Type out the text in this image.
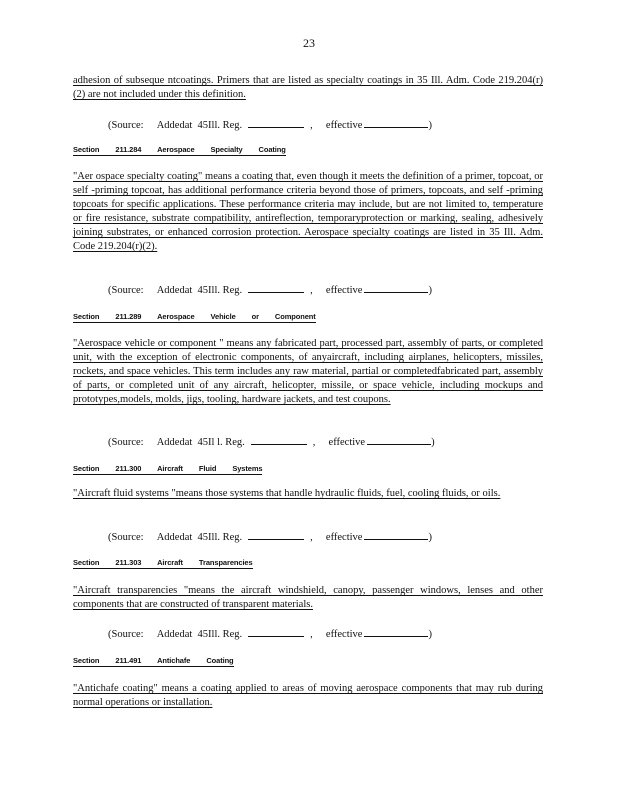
23
adhesion of subseque ntcoatings. Primers that are listed as specialty coatings in 35 Ill. Adm. Code 219.204(r)(2) are not included under this definition.
(Source: Addedat 45Ill. Reg.	, effective	)
Section 211.284 Aerospace Specialty Coating
"Aer ospace specialty coating" means a coating that, even though it meets the definition of a primer, topcoat, or self -priming topcoat, has additional performance criteria beyond those of primers, topcoats, and self -priming topcoats for specific applications. These performance criteria may include, but are not limited to, temperature or fire resistance, substrate compatibility, antireflection, temporaryprotection or marking, sealing, adhesively joining substrates, or enhanced corrosion protection. Aerospace specialty coatings are listed in 35 Ill. Adm. Code 219.204(r)(2).
(Source: Addedat 45Ill. Reg.	, effective	)
Section 211.289 Aerospace Vehicle or Component
"Aerospace vehicle or component " means any fabricated part, processed part, assembly of parts, or completed unit, with the exception of electronic components, of anyaircraft, including airplanes, helicopters, missiles, rockets, and space vehicles. This term includes any raw material, partial or completedfabricated part, assembly of parts, or completed unit of any aircraft, helicopter, missile, or space vehicle, including mockups and prototypes,models, molds, jigs, tooling, hardware jackets, and test coupons.
(Source: Addedat 45Il l. Reg.	, effective	)
Section 211.300 Aircraft Fluid Systems
"Aircraft fluid systems "means those systems that handle hydraulic fluids, fuel, cooling fluids, or oils.
(Source: Addedat 45Ill. Reg.	, effective	)
Section 211.303 Aircraft Transparencies
"Aircraft transparencies "means the aircraft windshield, canopy, passenger windows, lenses and other components that are constructed of transparent materials.
(Source: Addedat 45Ill. Reg.	, effective	)
Section 211.491 Antichafe Coating
"Antichafe coating" means a coating applied to areas of moving aerospace components that may rub during normal operations or installation.
